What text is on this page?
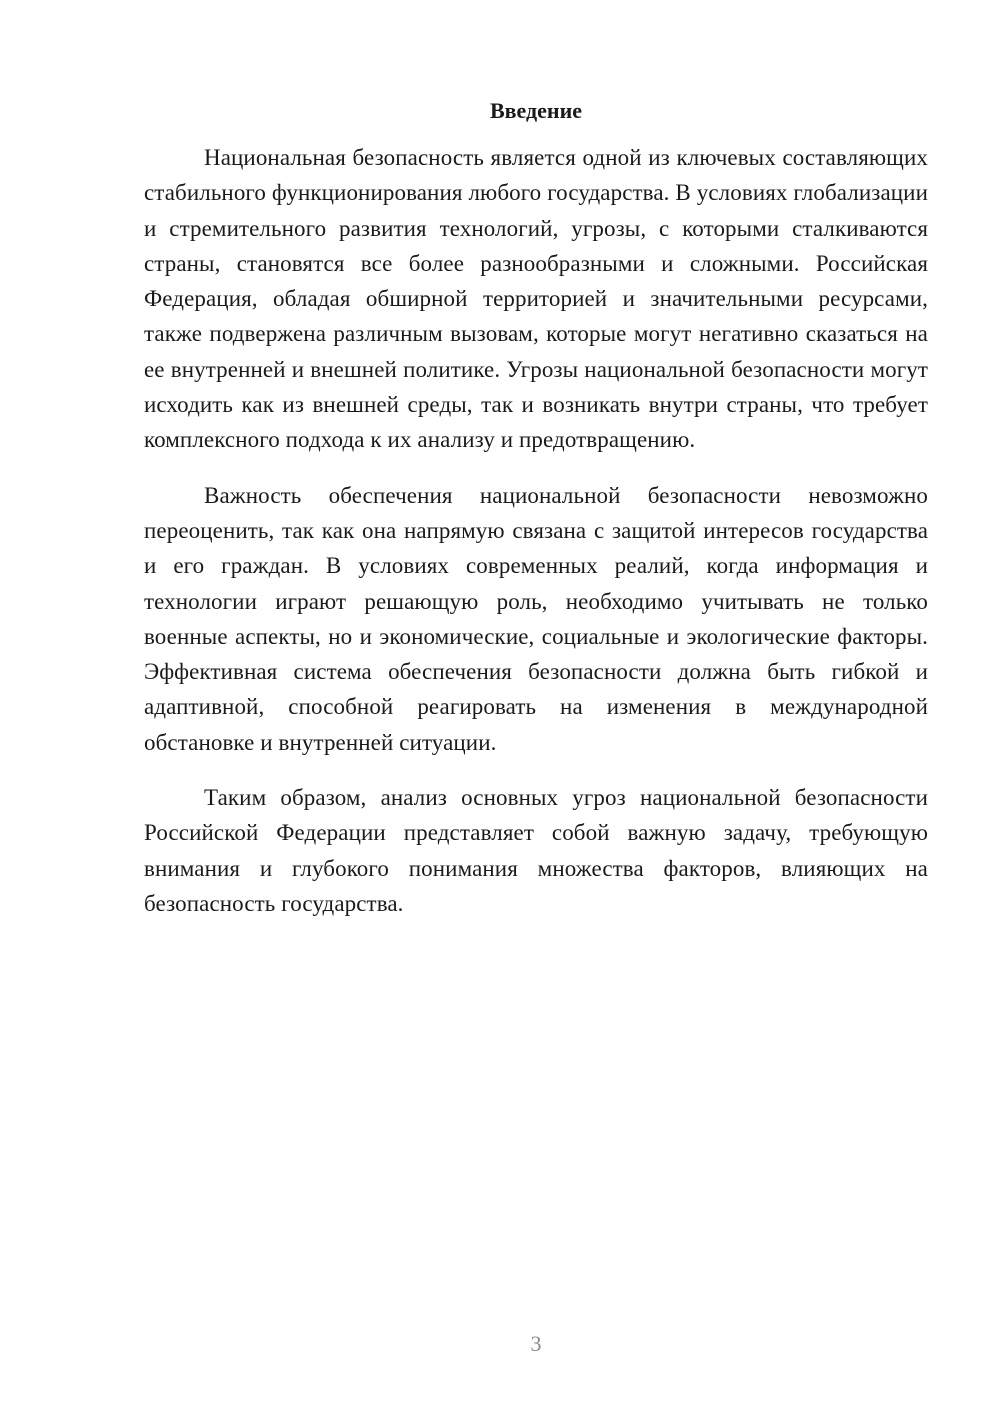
Введение

Национальная безопасность является одной из ключевых составляющих стабильного функционирования любого государства. В условиях глобализации и стремительного развития технологий, угрозы, с которыми сталкиваются страны, становятся все более разнообразными и сложными. Российская Федерация, обладая обширной территорией и значительными ресурсами, также подвержена различным вызовам, которые могут негативно сказаться на ее внутренней и внешней политике. Угрозы национальной безопасности могут исходить как из внешней среды, так и возникать внутри страны, что требует комплексного подхода к их анализу и предотвращению.

Важность обеспечения национальной безопасности невозможно переоценить, так как она напрямую связана с защитой интересов государства и его граждан. В условиях современных реалий, когда информация и технологии играют решающую роль, необходимо учитывать не только военные аспекты, но и экономические, социальные и экологические факторы. Эффективная система обеспечения безопасности должна быть гибкой и адаптивной, способной реагировать на изменения в международной обстановке и внутренней ситуации.

Таким образом, анализ основных угроз национальной безопасности Российской Федерации представляет собой важную задачу, требующую внимания и глубокого понимания множества факторов, влияющих на безопасность государства.

3
